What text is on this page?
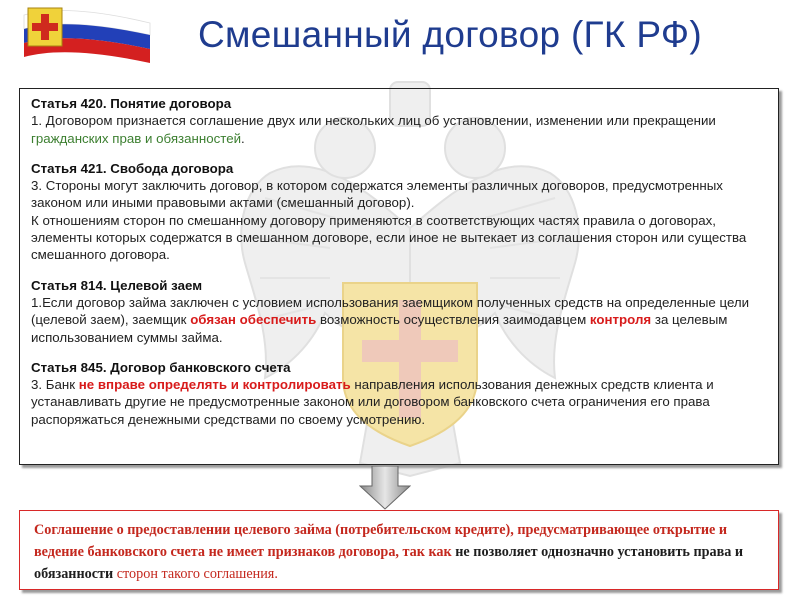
Смешанный договор (ГК РФ)
Статья 420. Понятие договора
1. Договором признается соглашение двух или нескольких лиц об установлении, изменении или прекращении гражданских прав и обязанностей.
Статья 421. Свобода договора
3. Стороны могут заключить договор, в котором содержатся элементы различных договоров, предусмотренных законом или иными правовыми актами (смешанный договор).
К отношениям сторон по смешанному договору применяются в соответствующих частях правила о договорах, элементы которых содержатся в смешанном договоре, если иное не вытекает из соглашения сторон или существа смешанного договора.
Статья 814. Целевой заем
1.Если договор займа заключен с условием использования заемщиком полученных средств на определенные цели (целевой заем), заемщик обязан обеспечить возможность осуществления заимодавцем контроля за целевым использованием суммы займа.
Статья 845. Договор банковского счета
3. Банк не вправе определять и контролировать направления использования денежных средств клиента и устанавливать другие не предусмотренные законом или договором банковского счета ограничения его права распоряжаться денежными средствами по своему усмотрению.
Соглашение о предоставлении целевого займа (потребительском кредите), предусматривающее открытие и ведение банковского счета не имеет признаков договора, так как не позволяет однозначно установить права и обязанности сторон такого соглашения.
